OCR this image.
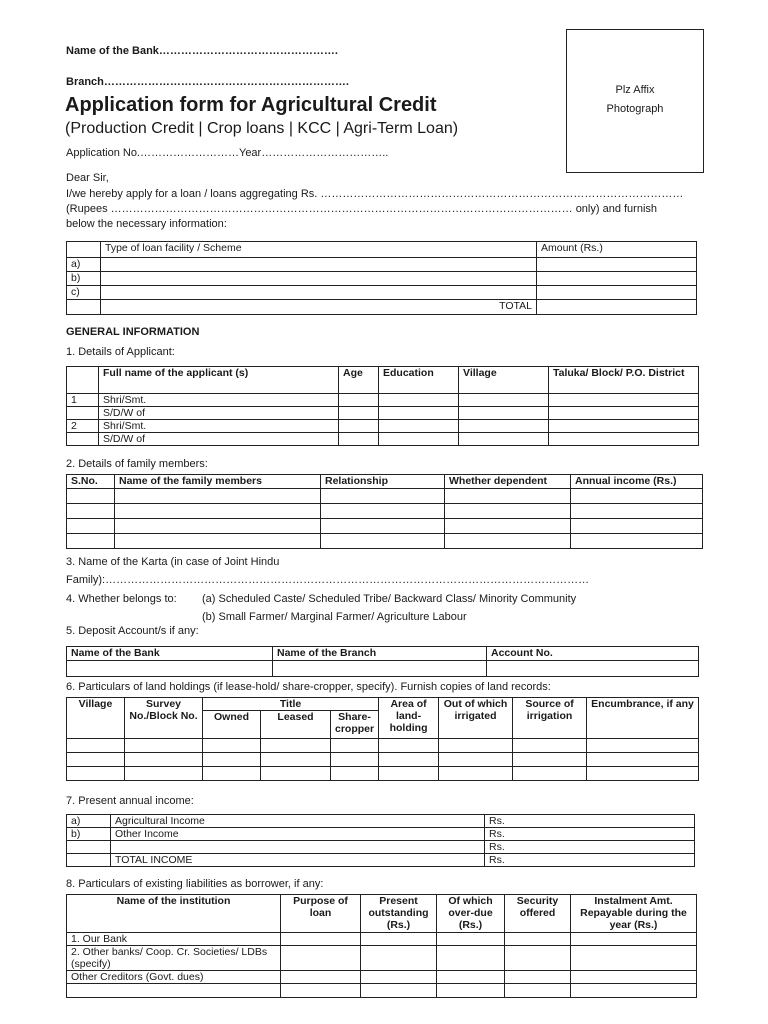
Name of the Bank………………………………………….
Branch………………………………………………………….
Application form for Agricultural Credit
(Production Credit | Crop loans | KCC | Agri-Term Loan)
Application No.………………………Year……………………………..
Plz Affix
Photograph
Dear Sir,
I/we hereby apply for a loan / loans aggregating Rs. ………………………………………………………………………………………
(Rupees ……………………………………………………………………………………………………………… only) and furnish
below the necessary information:
	Type of loan facility / Scheme	Amount (Rs.)
a)		
b)		
c)		
	TOTAL	
GENERAL INFORMATION
1. Details of Applicant:
	Full name of the applicant (s)	Age	Education	Village	Taluka/ Block/ P.O. District
1	Shri/Smt.				
	S/D/W of				
2	Shri/Smt.				
	S/D/W of				
2. Details of family members:
S.No.	Name of the family members	Relationship	Whether dependent	Annual income (Rs.)

3. Name of the Karta (in case of Joint Hindu
Family):……………………………………………………………………………………………………………………
4. Whether belongs to: (a) Scheduled Caste/ Scheduled Tribe/ Backward Class/ Minority Community
(b) Small Farmer/ Marginal Farmer/ Agriculture Labour
5. Deposit Account/s if any:
Name of the Bank	Name of the Branch	Account No.

6. Particulars of land holdings (if lease-hold/ share-cropper, specify). Furnish copies of land records:
Village	Survey No./Block No.	Title			Area of land-holding	Out of which irrigated	Source of irrigation	Encumbrance, if any
		Owned	Leased	Share-cropper				

7. Present annual income:
a)	Agricultural Income	Rs.
b)	Other Income	Rs.
		Rs.
	TOTAL INCOME	Rs.
8. Particulars of existing liabilities as borrower, if any:
Name of the institution	Purpose of loan	Present outstanding (Rs.)	Of which over-due (Rs.)	Security offered	Instalment Amt. Repayable during the year (Rs.)
1. Our Bank					
2. Other banks/ Coop. Cr. Societies/ LDBs (specify)					
Other Creditors (Govt. dues)					
